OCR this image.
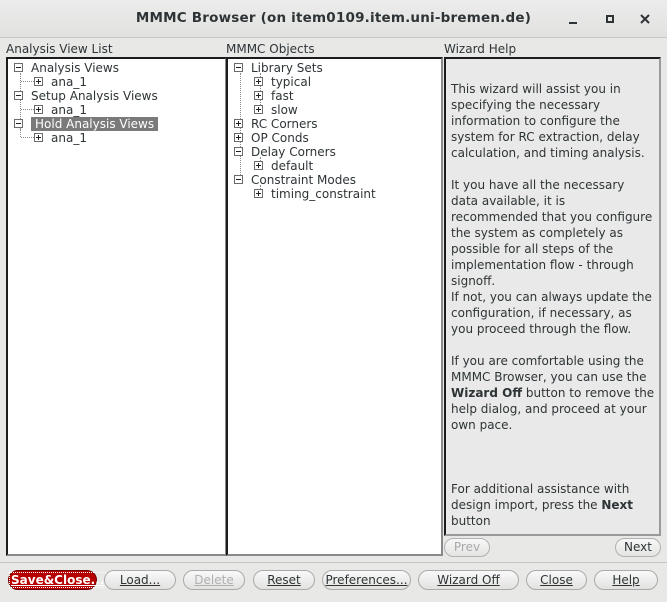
MMMC Browser (on item0109.item.uni-bremen.de)
Analysis View List	MMMC Objects	Wizard Help
Analysis Views
ana_1
Setup Analysis Views
ana_1
Hold Analysis Views
ana_1
Library Sets
typical
fast
slow
RC Corners
OP Conds
Delay Corners
default
Constraint Modes
timing_constraint

This wizard will assist you in specifying the necessary information to configure the system for RC extraction, delay calculation, and timing analysis.

It you have all the necessary data available, it is recommended that you configure the system as completely as possible for all steps of the implementation flow - through signoff.

If not, you can always update the configuration, if necessary, as you proceed through the flow.

If you are comfortable using the MMMC Browser, you can use the Wizard Off button to remove the help dialog, and proceed at your own pace.

For additional assistance with design import, press the Next button

Prev	Next
Save&Close...	Load...	Delete	Reset	Preferences...	Wizard Off	Close	Help
